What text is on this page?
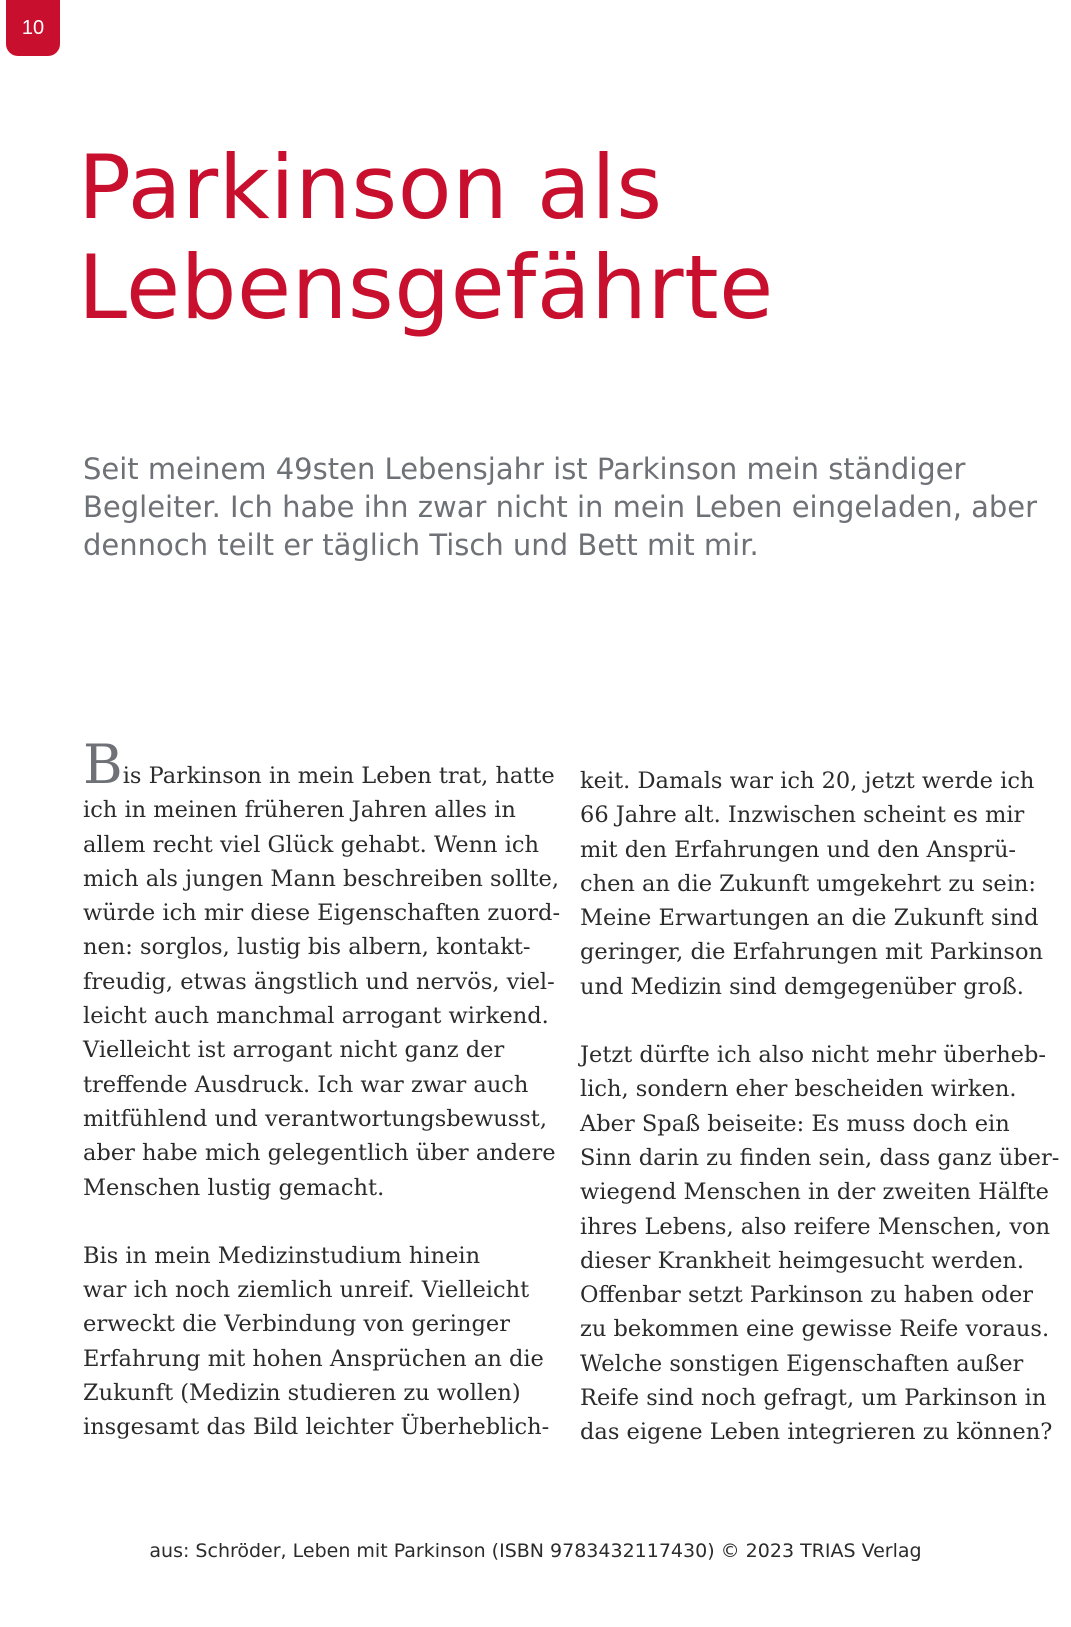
10
Parkinson als
Lebensgefährte
Seit meinem 49sten Lebensjahr ist Parkinson mein ständiger
Begleiter. Ich habe ihn zwar nicht in mein Leben eingeladen, aber
dennoch teilt er täglich Tisch und Bett mit mir.

Bis Parkinson in mein Leben trat, hatte
ich in meinen früheren Jahren alles in
allem recht viel Glück gehabt. Wenn ich
mich als jungen Mann beschreiben sollte,
würde ich mir diese Eigenschaften zuord-
nen: sorglos, lustig bis albern, kontakt-
freudig, etwas ängstlich und nervös, viel-
leicht auch manchmal arrogant wirkend.
Vielleicht ist arrogant nicht ganz der
treffende Ausdruck. Ich war zwar auch
mitfühlend und verantwortungsbewusst,
aber habe mich gelegentlich über andere
Menschen lustig gemacht.

Bis in mein Medizinstudium hinein
war ich noch ziemlich unreif. Vielleicht
erweckt die Verbindung von geringer
Erfahrung mit hohen Ansprüchen an die
Zukunft (Medizin studieren zu wollen)
insgesamt das Bild leichter Überheblich-

keit. Damals war ich 20, jetzt werde ich
66 Jahre alt. Inzwischen scheint es mir
mit den Erfahrungen und den Ansprü-
chen an die Zukunft umgekehrt zu sein:
Meine Erwartungen an die Zukunft sind
geringer, die Erfahrungen mit Parkinson
und Medizin sind demgegenüber groß.

Jetzt dürfte ich also nicht mehr überheb-
lich, sondern eher bescheiden wirken.
Aber Spaß beiseite: Es muss doch ein
Sinn darin zu finden sein, dass ganz über-
wiegend Menschen in der zweiten Hälfte
ihres Lebens, also reifere Menschen, von
dieser Krankheit heimgesucht werden.
Offenbar setzt Parkinson zu haben oder
zu bekommen eine gewisse Reife voraus.
Welche sonstigen Eigenschaften außer
Reife sind noch gefragt, um Parkinson in
das eigene Leben integrieren zu können?

aus: Schröder, Leben mit Parkinson (ISBN 9783432117430) © 2023 TRIAS Verlag
